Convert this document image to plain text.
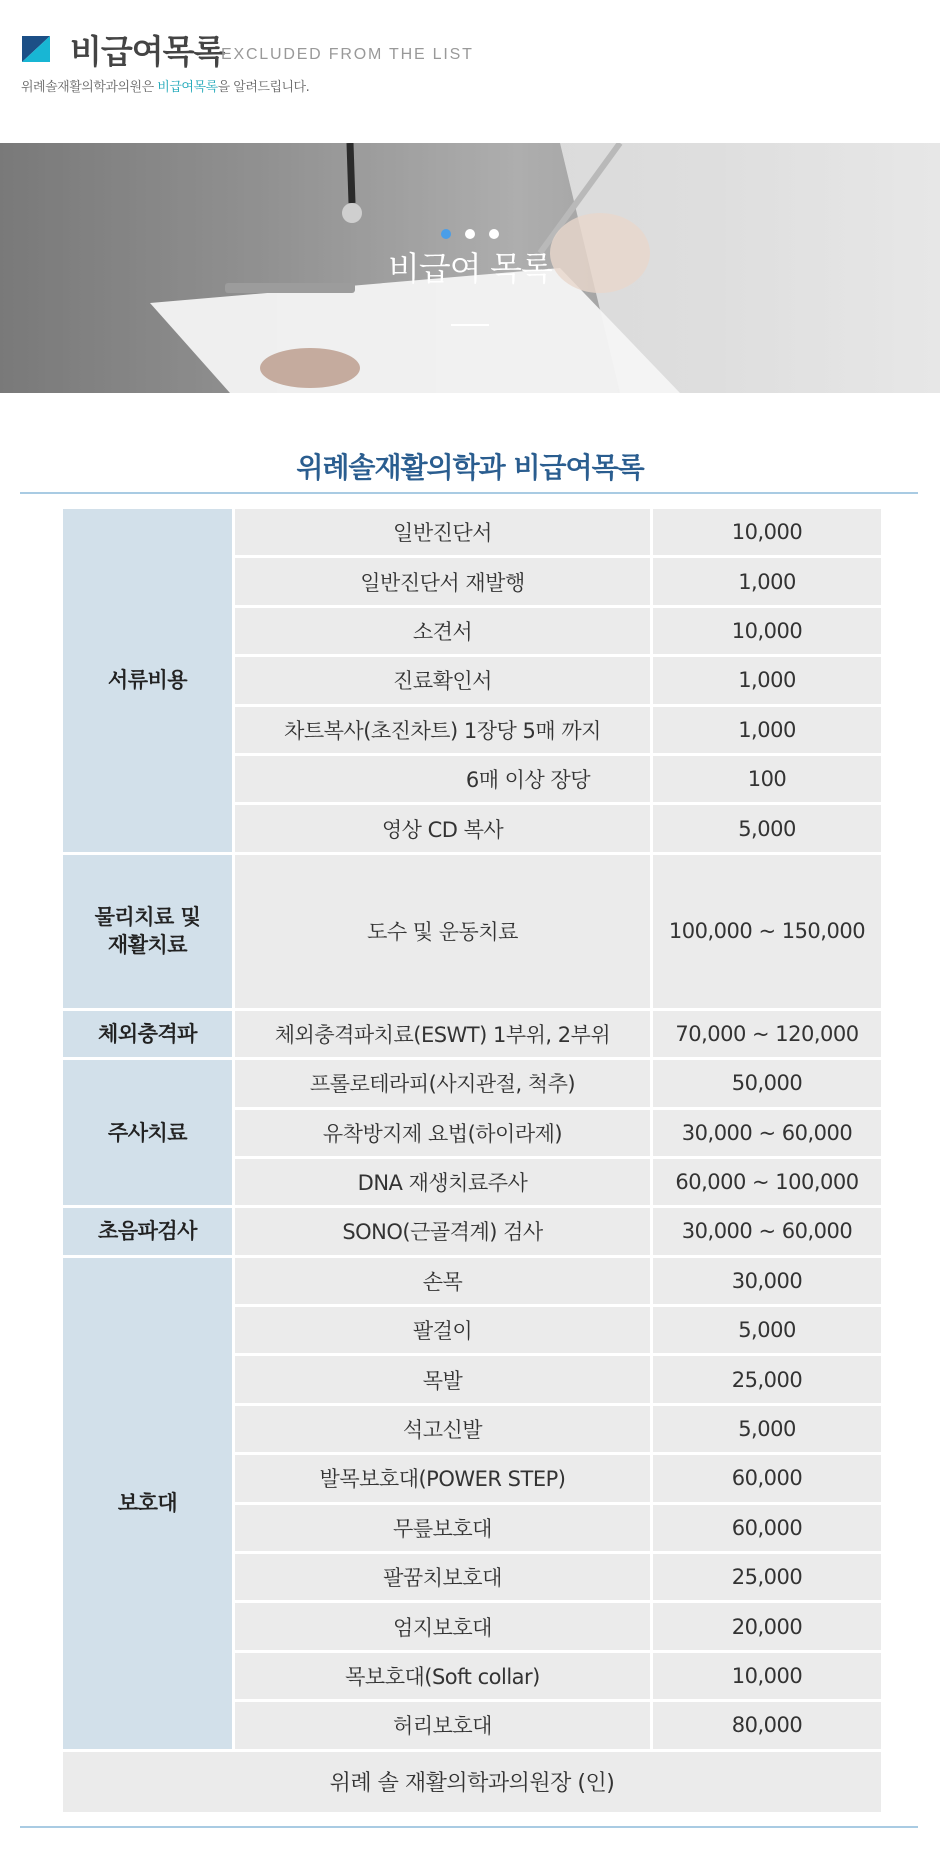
비급여목록
EXCLUDED FROM THE LIST
위례솔재활의학과의원은 비급여목록을 알려드립니다.
비급여 목록
위례솔재활의학과 비급여목록
서류비용	일반진단서	10,000
	일반진단서 재발행	1,000
	소견서	10,000
	진료확인서	1,000
	차트복사(초진차트) 1장당 5매 까지	1,000
	6매 이상 장당	100
	영상 CD 복사	5,000
물리치료 및
재활치료	도수 및 운동치료	100,000 ~ 150,000
체외충격파	체외충격파치료(ESWT) 1부위, 2부위	70,000 ~ 120,000
주사치료	프롤로테라피(사지관절, 척추)	50,000
	유착방지제 요법(하이라제)	30,000 ~ 60,000
	DNA 재생치료주사	60,000 ~ 100,000
초음파검사	SONO(근골격계) 검사	30,000 ~ 60,000
보호대	손목	30,000
	팔걸이	5,000
	목발	25,000
	석고신발	5,000
	발목보호대(POWER STEP)	60,000
	무릎보호대	60,000
	팔꿈치보호대	25,000
	엄지보호대	20,000
	목보호대(Soft collar)	10,000
	허리보호대	80,000
위례 솔 재활의학과의원장 (인)		
